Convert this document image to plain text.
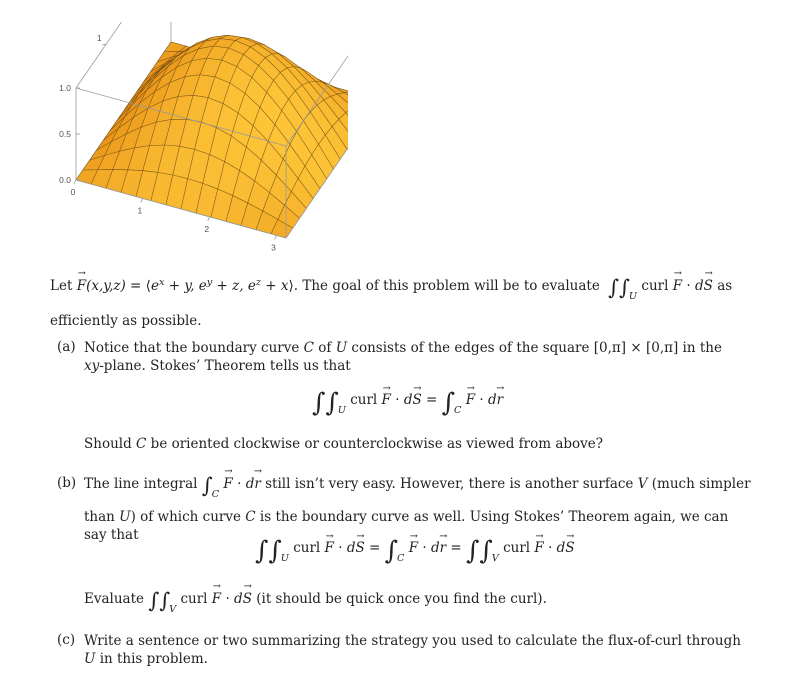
0
1
2
3
1
0.0
0.5
1.0
Let → $F(x,y,z) = ⟨e^x + y$, $e^y + z$, $e^z$ + x⟩. The goal of this problem will be to evaluate $\int\int_U$ curl → F · d→ S as
efficiently as possible.
(a) Notice that the boundary curve C of U consists of the edges of the square [0,π] × [0,π] in the
xy-plane. Stokes’ Theorem tells us that
$\int\int_U$ curl → $F \cdot d\to S = \int_C \to F \cdot d\to r$
Should C be oriented clockwise or counterclockwise as viewed from above?
(b) The line integral $\int_C \to F \cdot d\to r$ still isn’t very easy. However, there is another surface V (much simpler
than U) of which curve C is the boundary curve as well. Using Stokes’ Theorem again, we can
say that
$\int\int_U$ curl → $F \cdot d\to S = \int_C \to F \cdot d\to r = \int\int_V$ curl → F · d→ S
Evaluate $\int\int_V$ curl → F · d→ S (it should be quick once you find the curl).
(c) Write a sentence or two summarizing the strategy you used to calculate the flux-of-curl through
U in this problem.
